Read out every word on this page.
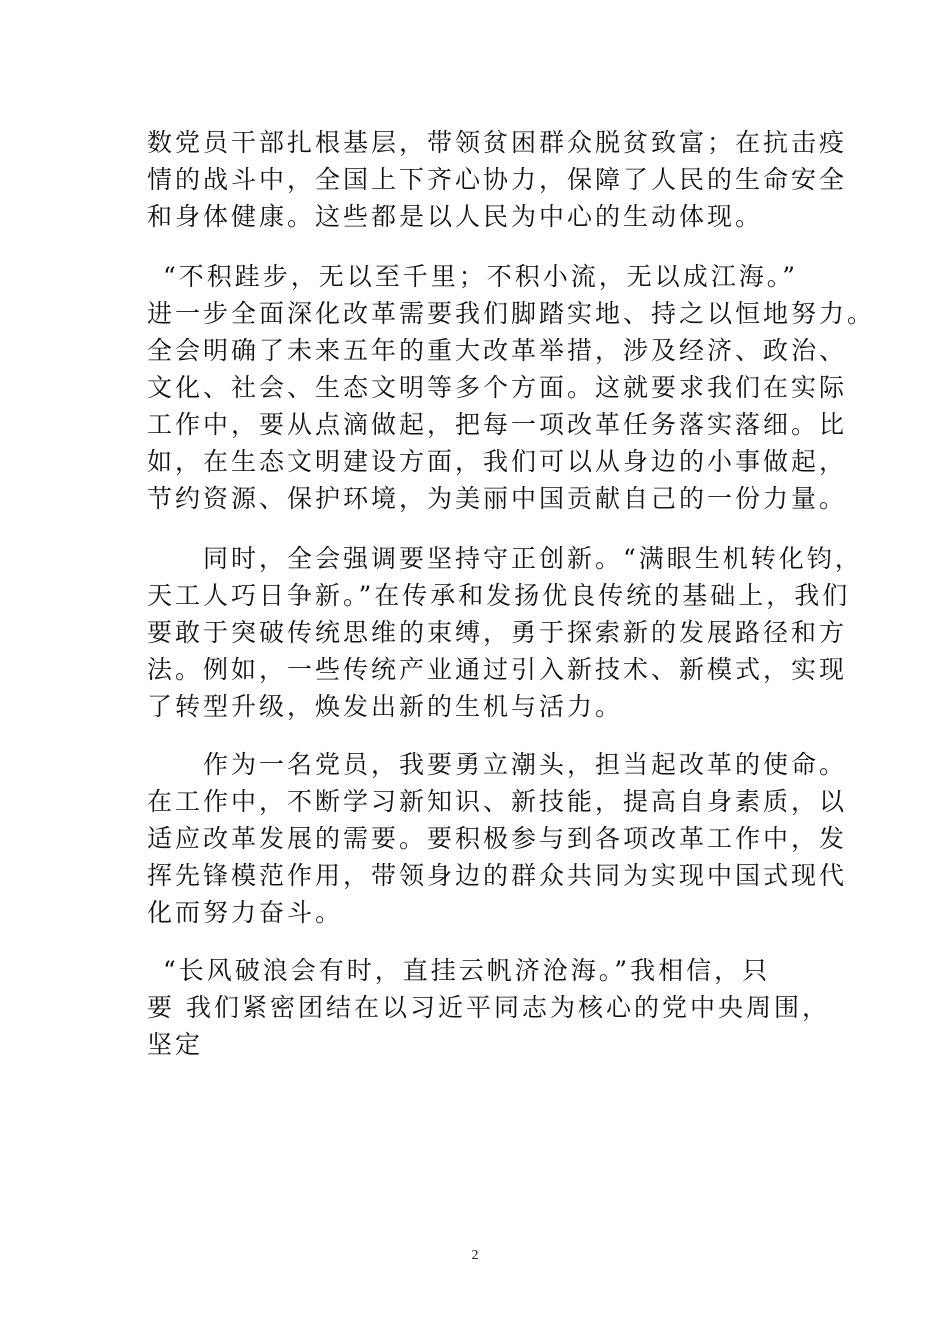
数党员干部扎根基层，带领贫困群众脱贫致富；在抗击疫
情的战斗中，全国上下齐心协力，保障了人民的生命安全
和身体健康。这些都是以人民为中心的生动体现。

“不积跬步，无以至千里；不积小流，无以成江海。”
进一步全面深化改革需要我们脚踏实地、持之以恒地努力。
全会明确了未来五年的重大改革举措，涉及经济、政治、
文化、社会、生态文明等多个方面。这就要求我们在实际
工作中，要从点滴做起，把每一项改革任务落实落细。比
如，在生态文明建设方面，我们可以从身边的小事做起，
节约资源、保护环境，为美丽中国贡献自己的一份力量。

同时，全会强调要坚持守正创新。“满眼生机转化钧，
天工人巧日争新。”在传承和发扬优良传统的基础上，我们
要敢于突破传统思维的束缚，勇于探索新的发展路径和方
法。例如，一些传统产业通过引入新技术、新模式，实现
了转型升级，焕发出新的生机与活力。

作为一名党员，我要勇立潮头，担当起改革的使命。
在工作中，不断学习新知识、新技能，提高自身素质，以
适应改革发展的需要。要积极参与到各项改革工作中，发
挥先锋模范作用，带领身边的群众共同为实现中国式现代
化而努力奋斗。

“长风破浪会有时，直挂云帆济沧海。”我相信，只
要 我们紧密团结在以习近平同志为核心的党中央周围，
坚定

2
